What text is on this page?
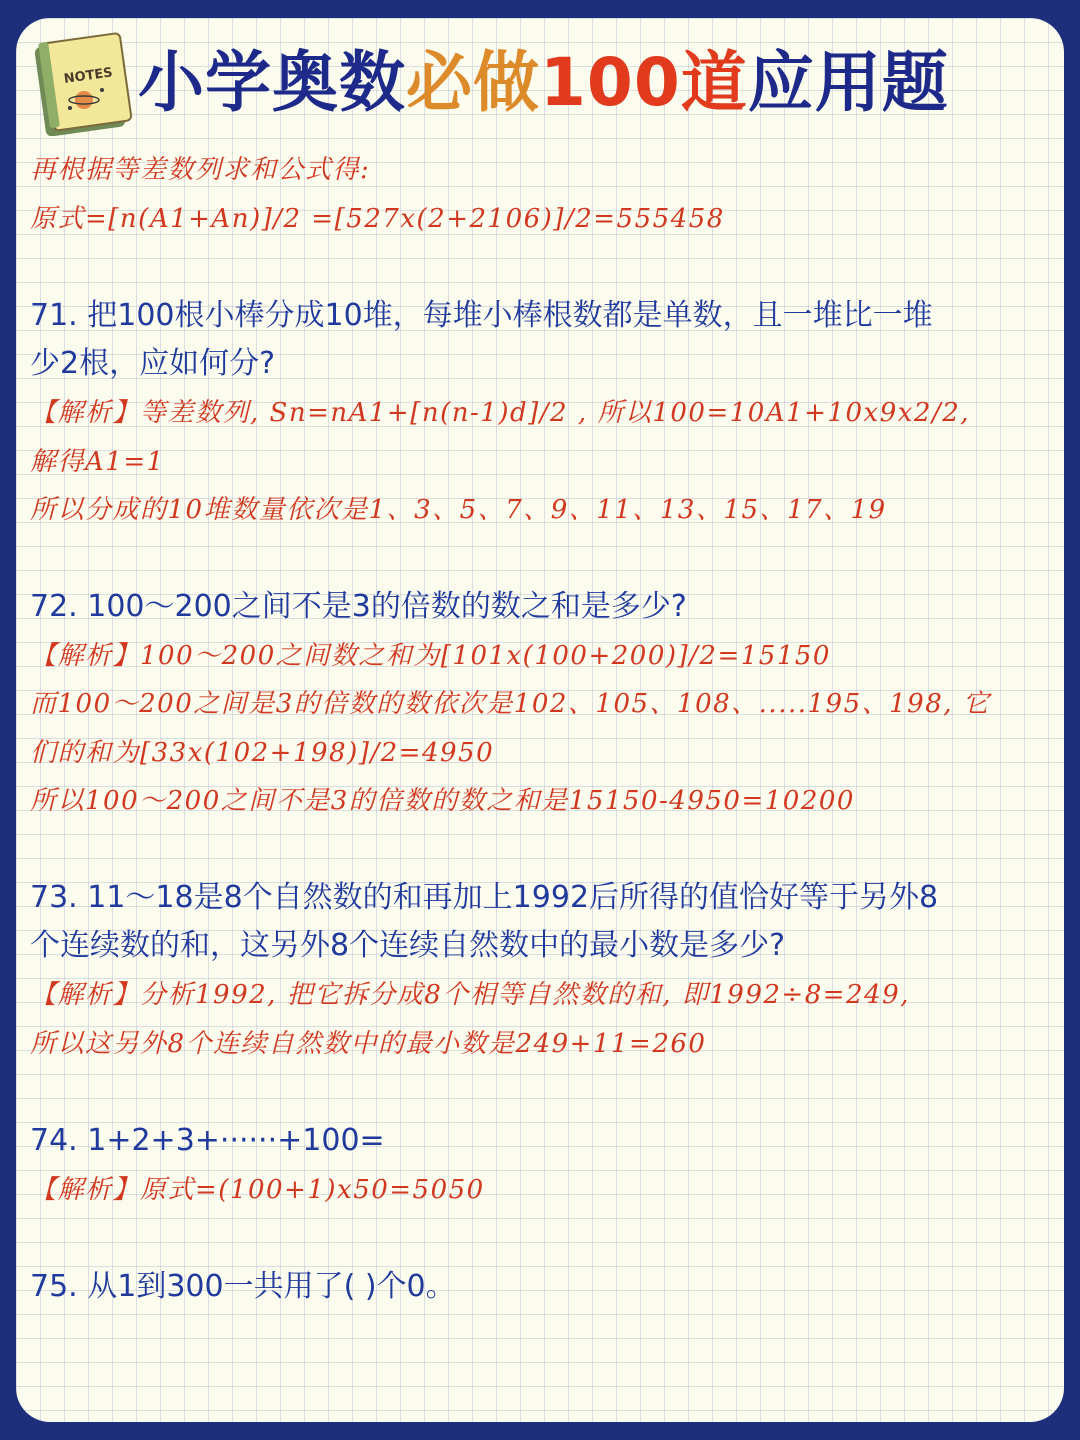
NOTES 小学奥数必做100道应用题

再根据等差数列求和公式得:

原式=[n(A1+An)]/2 =[527x(2+2106)]/2=555458

71. 把100根小棒分成10堆，每堆小棒根数都是单数，且一堆比一堆

少2根，应如何分?

【解析】等差数列, Sn=nA1+[n(n-1)d]/2 , 所以100=10A1+10x9x2/2,

解得A1=1

所以分成的10堆数量依次是1、3、5、7、9、11、13、15、17、19

72. 100～200之间不是3的倍数的数之和是多少?

【解析】100～200之间数之和为[101x(100+200)]/2=15150

而100～200之间是3的倍数的数依次是102、105、108、.....195、198, 它

们的和为[33x(102+198)]/2=4950

所以100～200之间不是3的倍数的数之和是15150-4950=10200

73. 11～18是8个自然数的和再加上1992后所得的值恰好等于另外8

个连续数的和，这另外8个连续自然数中的最小数是多少?

【解析】分析1992, 把它拆分成8个相等自然数的和, 即1992÷8=249,

所以这另外8个连续自然数中的最小数是249+11=260

74. 1+2+3+······+100=

【解析】原式=(100+1)x50=5050

75. 从1到300一共用了( )个0。
